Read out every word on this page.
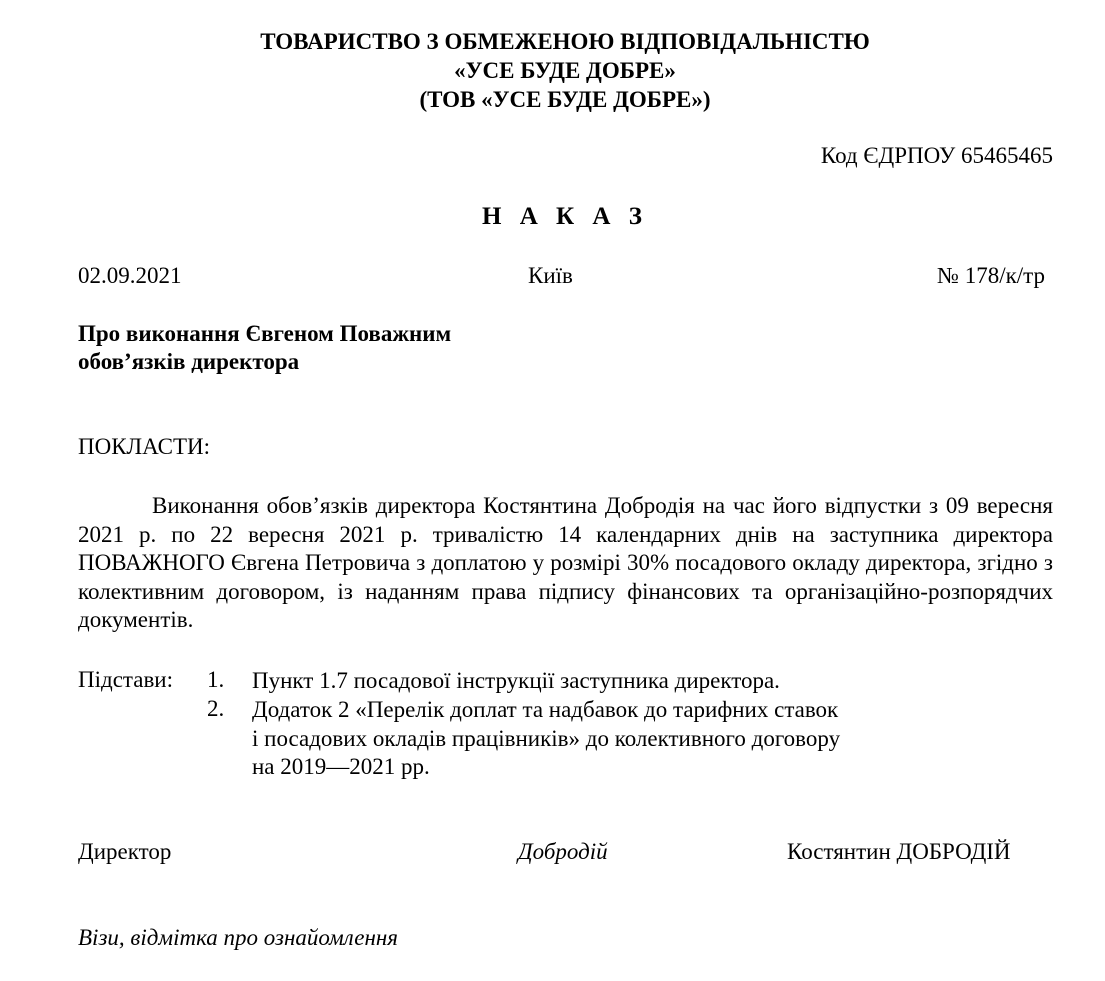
ТОВАРИСТВО З ОБМЕЖЕНОЮ ВІДПОВІДАЛЬНІСТЮ
«УСЕ БУДЕ ДОБРЕ»
(ТОВ «УСЕ БУДЕ ДОБРЕ»)
Код ЄДРПОУ 65465465
Н А К А З
02.09.2021	Київ	№ 178/к/тр
Про виконання Євгеном Поважним
обов’язків директора
ПОКЛАСТИ:
Виконання обов’язків директора Костянтина Добродія на час його відпустки з 09 вересня 2021 р. по 22 вересня 2021 р. тривалістю 14 календарних днів на заступника директора ПОВАЖНОГО Євгена Петровича з доплатою у розмірі 30% посадового окладу директора, згідно з колективним договором, із наданням права підпису фінансових та організаційно-розпорядчих документів.
Підстави: 1. Пункт 1.7 посадової інструкції заступника директора.
2. Додаток 2 «Перелік доплат та надбавок до тарифних ставок
і посадових окладів працівників» до колективного договору
на 2019—2021 рр.
Директор	Добродій	Костянтин ДОБРОДІЙ
Візи, відмітка про ознайомлення
